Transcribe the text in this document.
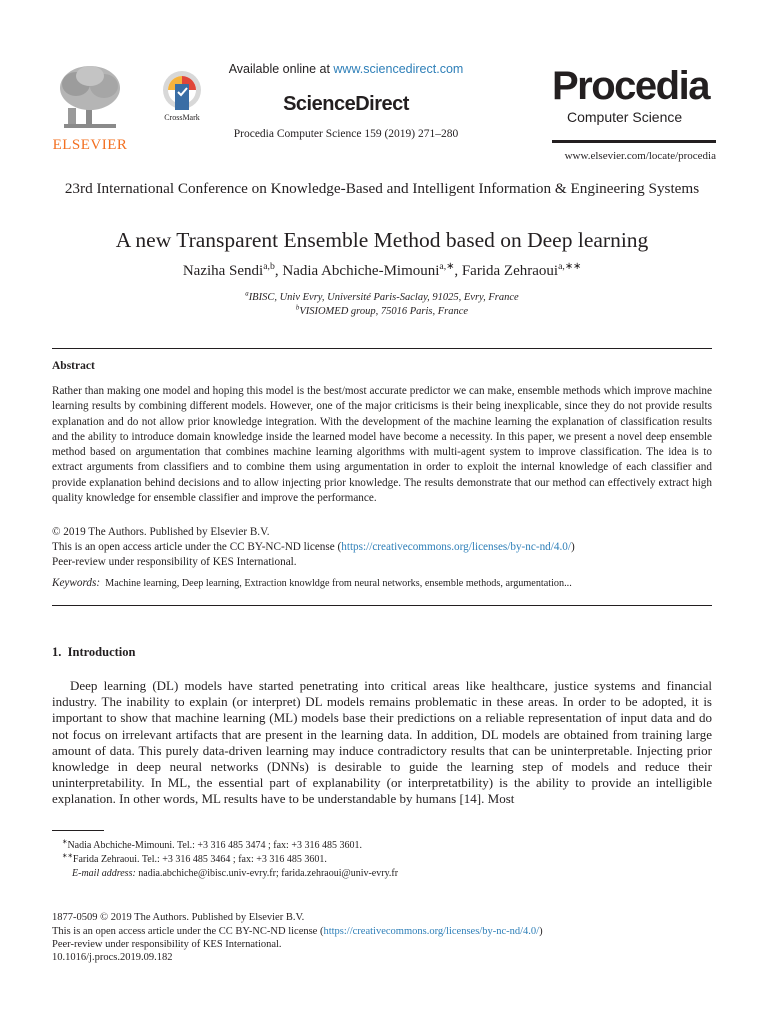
ELSEVIER
CrossMark
Available online at www.sciencedirect.com
ScienceDirect
Procedia Computer Science 159 (2019) 271–280
Procedia
Computer Science
www.elsevier.com/locate/procedia
23rd International Conference on Knowledge-Based and Intelligent Information & Engineering Systems
A new Transparent Ensemble Method based on Deep learning
Naziha Sendi$^{a,b}$, Nadia Abchiche-Mimouni$^{a,∗}$, Farida Zehraoui$^{a,∗∗}$
$^a$IBISC, Univ Evry, Université Paris-Saclay, 91025, Evry, France
$^b$VISIOMED group, 75016 Paris, France
Abstract
Rather than making one model and hoping this model is the best/most accurate predictor we can make, ensemble methods which improve machine learning results by combining different models. However, one of the major criticisms is their being inexplicable, since they do not provide results explanation and do not allow prior knowledge integration. With the development of the machine learning the explanation of classification results and the ability to introduce domain knowledge inside the learned model have become a necessity. In this paper, we present a novel deep ensemble method based on argumentation that combines machine learning algorithms with multi-agent system to improve classification. The idea is to extract arguments from classifiers and to combine them using argumentation in order to exploit the internal knowledge of each classifier and provide explanation behind decisions and to allow injecting prior knowledge. The results demonstrate that our method can effectively extract high quality knowledge for ensemble classifier and improve the performance.
© 2019 The Authors. Published by Elsevier B.V.
This is an open access article under the CC BY-NC-ND license (https://creativecommons.org/licenses/by-nc-nd/4.0/)
Peer-review under responsibility of KES International.
Keywords: Machine learning, Deep learning, Extraction knowldge from neural networks, ensemble methods, argumentation...
1.  Introduction
Deep learning (DL) models have started penetrating into critical areas like healthcare, justice systems and financial industry. The inability to explain (or interpret) DL models remains problematic in these areas. In order to be adopted, it is important to show that machine learning (ML) models base their predictions on a reliable representation of input data and do not focus on irrelevant artifacts that are present in the learning data. In addition, DL models are obtained from training large amount of data. This purely data-driven learning may induce contradictory results that can be uninterpretable. Injecting prior knowledge in deep neural networks (DNNs) is desirable to guide the learning step of models and reduce their uninterpretability. In ML, the essential part of explanability (or interpretatbility) is the ability to provide an intelligible explanation. In other words, ML results have to be understandable by humans [14]. Most
∗Nadia Abchiche-Mimouni. Tel.: +3 316 485 3474 ; fax: +3 316 485 3601.
∗∗Farida Zehraoui. Tel.: +3 316 485 3464 ; fax: +3 316 485 3601.
E-mail address: nadia.abchiche@ibisc.univ-evry.fr; farida.zehraoui@univ-evry.fr
1877-0509 © 2019 The Authors. Published by Elsevier B.V.
This is an open access article under the CC BY-NC-ND license (https://creativecommons.org/licenses/by-nc-nd/4.0/)
Peer-review under responsibility of KES International.
10.1016/j.procs.2019.09.182
